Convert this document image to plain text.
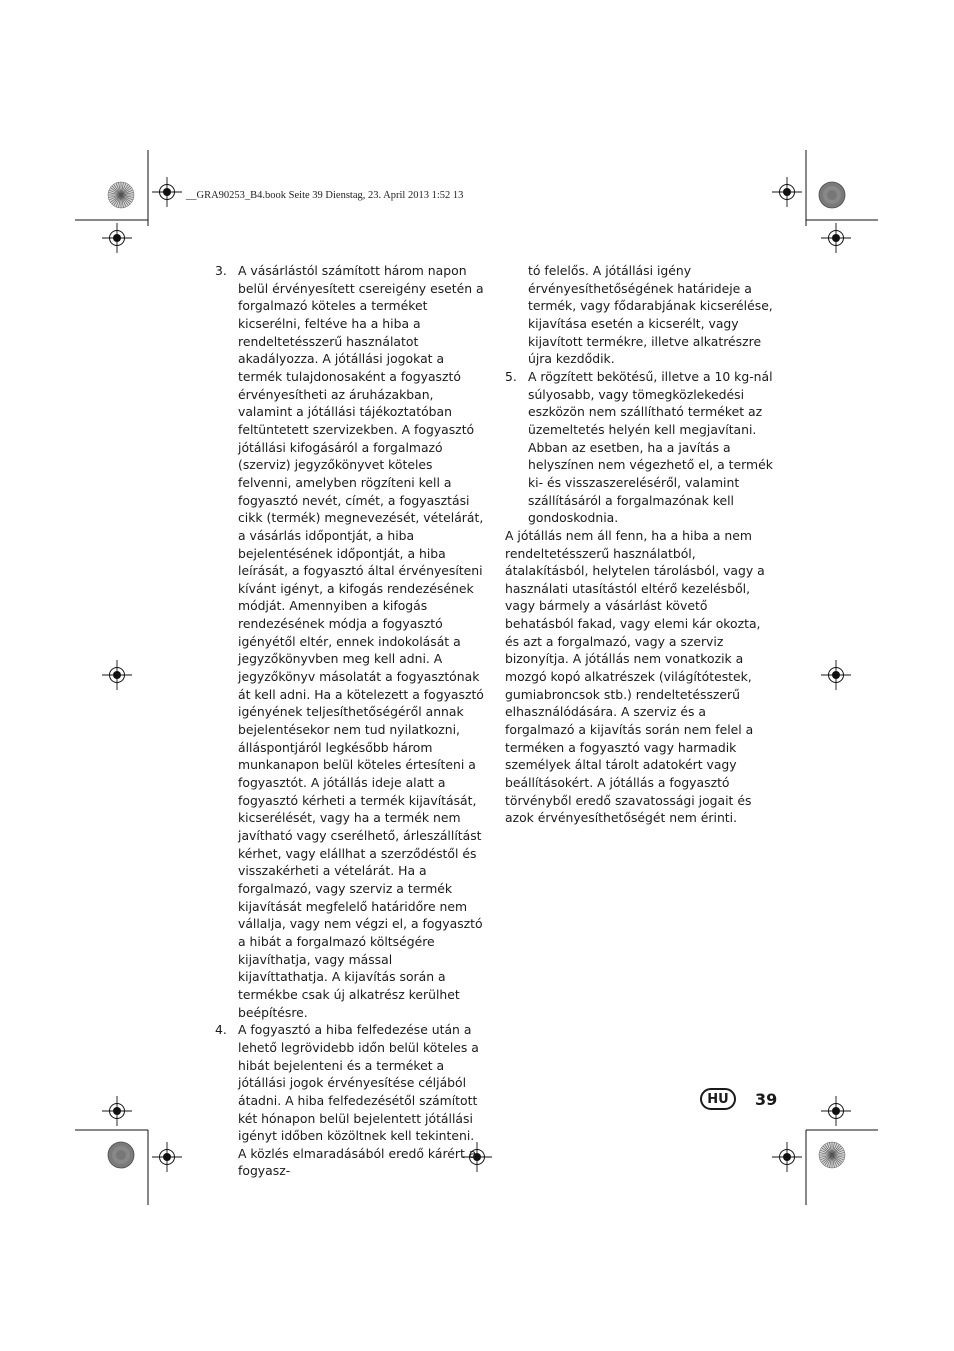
__GRA90253_B4.book Seite 39 Dienstag, 23. April 2013 1:52 13
3. A vásárlástól számított három napon belül érvényesített csereigény esetén a forgalmazó köteles a terméket kicserélni, feltéve ha a hiba a rendeltetésszerű használatot akadályozza. A jótállási jogokat a termék tulajdonosaként a fogyasztó érvényesítheti az áruházakban, valamint a jótállási tájékoztatóban feltüntetett szervizekben. A fogyasztó jótállási kifogásáról a forgalmazó (szerviz) jegyzőkönyvet köteles felvenni, amelyben rögzíteni kell a fogyasztó nevét, címét, a fogyasztási cikk (termék) megnevezését, vételárát, a vásárlás időpontját, a hiba bejelentésének időpontját, a hiba leírását, a fogyasztó által érvényesíteni kívánt igényt, a kifogás rendezésének módját. Amennyiben a kifogás rendezésének módja a fogyasztó igényétől eltér, ennek indokolását a jegyzőkönyvben meg kell adni. A jegyzőkönyv másolatát a fogyasztónak át kell adni. Ha a kötelezett a fogyasztó igényének teljesíthetőségéről annak bejelentésekor nem tud nyilatkozni, álláspontjáról legkésőbb három munkanapon belül köteles értesíteni a fogyasztót. A jótállás ideje alatt a fogyasztó kérheti a termék kijavítását, kicserélését, vagy ha a termék nem javítható vagy cserélhető, árleszállítást kérhet, vagy elállhat a szerződéstől és visszakérheti a vételárát. Ha a forgalmazó, vagy szerviz a termék kijavítását megfelelő határidőre nem vállalja, vagy nem végzi el, a fogyasztó a hibát a forgalmazó költségére kijavíthatja, vagy mással kijavíttathatja. A kijavítás során a termékbe csak új alkatrész kerülhet beépítésre.

4. A fogyasztó a hiba felfedezése után a lehető legrövidebb időn belül köteles a hibát bejelenteni és a terméket a jótállási jogok érvényesítése céljából átadni. A hiba felfedezésétől számított két hónapon belül bejelentett jótállási igényt időben közöltnek kell tekinteni. A közlés elmaradásából eredő kárért a fogyasz-

tó felelős. A jótállási igény érvényesíthetőségének határideje a termék, vagy fődarabjának kicserélése, kijavítása esetén a kicserélt, vagy kijavított termékre, illetve alkatrészre újra kezdődik.

5. A rögzített bekötésű, illetve a 10 kg-nál súlyosabb, vagy tömegközlekedési eszközön nem szállítható terméket az üzemeltetés helyén kell megjavítani. Abban az esetben, ha a javítás a helyszínen nem végezhető el, a termék ki- és visszaszereléséről, valamint szállításáról a forgalmazónak kell gondoskodnia.

A jótállás nem áll fenn, ha a hiba a nem rendeltetésszerű használatból, átalakításból, helytelen tárolásból, vagy a használati utasítástól eltérő kezelésből, vagy bármely a vásárlást követő behatásból fakad, vagy elemi kár okozta, és azt a forgalmazó, vagy a szerviz bizonyítja. A jótállás nem vonatkozik a mozgó kopó alkatrészek (világítótestek, gumiabroncsok stb.) rendeltetésszerű elhasználódására. A szerviz és a forgalmazó a kijavítás során nem felel a terméken a fogyasztó vagy harmadik személyek által tárolt adatokért vagy beállításokért. A jótállás a fogyasztó törvényből eredő szavatossági jogait és azok érvényesíthetőségét nem érinti.

HU	39
